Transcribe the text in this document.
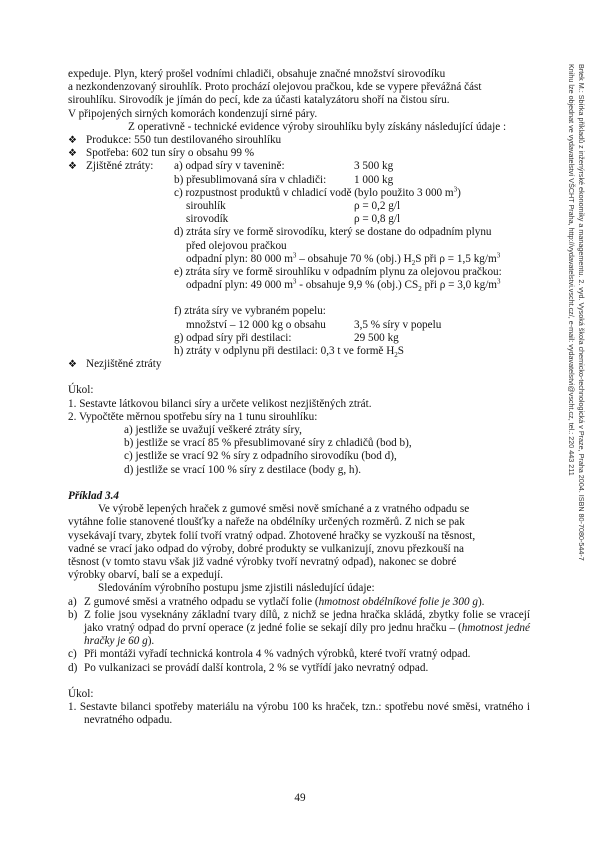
Brtek M.: Sbírka příkladů z inženýrské ekonomiky a managementu. 2. vyd. Vysoká škola chemicko-technologická v Praze, Praha 2004. ISBN 80-7080-544-7

Knihu lze objednat ve vydavatelství VŠCHT Praha, http://vydavatelstvi.vscht.cz/, e-mail: vydavatelstvi@vscht.cz, tel.: 220 443 211

expedujе. Plyn, který prošel vodními chladiči, obsahuje značné množství sirovodíku

a nezkondenzovaný sirouhlík. Proto prochází olejovou pračkou, kde se vypere převážná část

sirouhlíku. Sirovodík je jímán do pecí, kde za účasti katalyzátoru shoří na čistou síru.

V připojených sirných komorách kondenzují sirné páry.

Z operativně - technické evidence výroby sirouhlíku byly získány následující údaje :

❖ Produkce: 550 tun destilovaného sirouhlíku
❖ Spotřeba: 602 tun síry o obsahu 99 %
❖ Zjištěné ztráty:	a) odpad síry v tavenině:	3 500 kg
b) přesublimovaná síra v chladiči:	1 000 kg
c) rozpustnost produktů v chladicí vodě (bylo použito 3 000 $m^3$)
sirouhlík	ρ = 0,2 g/l
sirovodík	ρ = 0,8 g/l
d) ztráta síry ve formě sirovodíku, který se dostane do odpadním plynu
před olejovou pračkou
odpadní plyn: 80 000 $m^3$ – obsahuje 70 % (obj.) $H_2S$ při ρ = 1,5 $kg/m^3$
e) ztráta síry ve formě sirouhlíku v odpadním plynu za olejovou pračkou:
odpadní plyn: 49 000 $m^3$ - obsahuje 9,9 % (obj.) $CS_2$ při ρ = 3,0 $kg/m^3$
f) ztráta síry ve vybraném popelu:
množství – 12 000 kg o obsahu	3,5 % síry v popelu
g) odpad síry při destilaci:	29 500 kg
h) ztráty v odplynu při destilaci: 0,3 t ve formě $H_2S$
❖ Nezjištěné ztráty

Úkol:

1. Sestavte látkovou bilanci síry a určete velikost nezjištěných ztrát.

2. Vypočtěte měrnou spotřebu síry na 1 tunu sirouhlíku:

a) jestliže se uvažují veškeré ztráty síry,

b) jestliže se vrací 85 % přesublimované síry z chladičů (bod b),

c) jestliže se vrací 92 % síry z odpadního sirovodíku (bod d),

d) jestliže se vrací 100 % síry z destilace (body g, h).

Příklad 3.4

Ve výrobě lepených hraček z gumové směsi nově smíchané a z vratného odpadu se

vytáhne folie stanovené tloušťky a nařeže na obdélníky určených rozměrů. Z nich se pak

vysekávají tvary, zbytek folií tvoří vratný odpad. Zhotovené hračky se vyzkouší na těsnost,

vadné se vrací jako odpad do výroby, dobré produkty se vulkanizují, znovu přezkouší na

těsnost (v tomto stavu však již vadné výrobky tvoří nevratný odpad), nakonec se dobré

výrobky obarví, balí se a expedují.

Sledováním výrobního postupu jsme zjistili následující údaje:

a) Z gumové směsi a vratného odpadu se vytlačí folie (hmotnost obdélníkové folie je 300 g).
b) Z folie jsou vyseknány základní tvary dílů, z nichž se jedna hračka skládá, zbytky folie se vracejí jako vratný odpad do první operace (z jedné folie se sekají díly pro jednu hračku – (hmotnost jedné hračky je 60 g).
c) Při montáži vyřadí technická kontrola 4 % vadných výrobků, které tvoří vratný odpad.
d) Po vulkanizaci se provádí další kontrola, 2 % se vytřídí jako nevratný odpad.

Úkol:

1. Sestavte bilanci spotřeby materiálu na výrobu 100 ks hraček, tzn.: spotřebu nové směsi, vratného i nevratného odpadu.

49
